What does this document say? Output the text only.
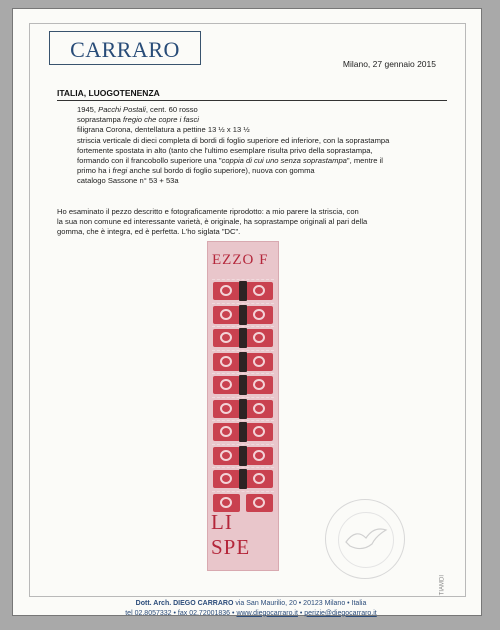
CARRARO
Milano, 27 gennaio 2015
ITALIA, LUOGOTENENZA
1945, Pacchi Postali, cent. 60 rosso
soprastampa fregio che copre i fasci
filigrana Corona, dentellatura a pettine 13 ½ x 13 ½
striscia verticale di dieci completa di bordi di foglio superiore ed inferiore, con la soprastampa
fortemente spostata in alto (tanto che l'ultimo esemplare risulta privo della soprastampa,
formando con il francobollo superiore una "coppia di cui uno senza soprastampa", mentre il
primo ha i fregi anche sul bordo di foglio superiore), nuova con gomma
catalogo Sassone n° 53 + 53a
Ho esaminato il pezzo descritto e fotograficamente riprodotto: a mio parere la striscia, con
la sua non comune ed interessante varietà, è originale, ha soprastampe originali al pari della
gomma, che è integra, ed è perfetta. L'ho siglata "DC".
EZZO F
LI SPE
TIAMDI
Dott. Arch. DIEGO CARRARO via San Maurilio, 20 • 20123 Milano • Italia
tel 02.8057332 • fax 02.72001836 • www.diegocarraro.it • perizie@diegocarraro.it
